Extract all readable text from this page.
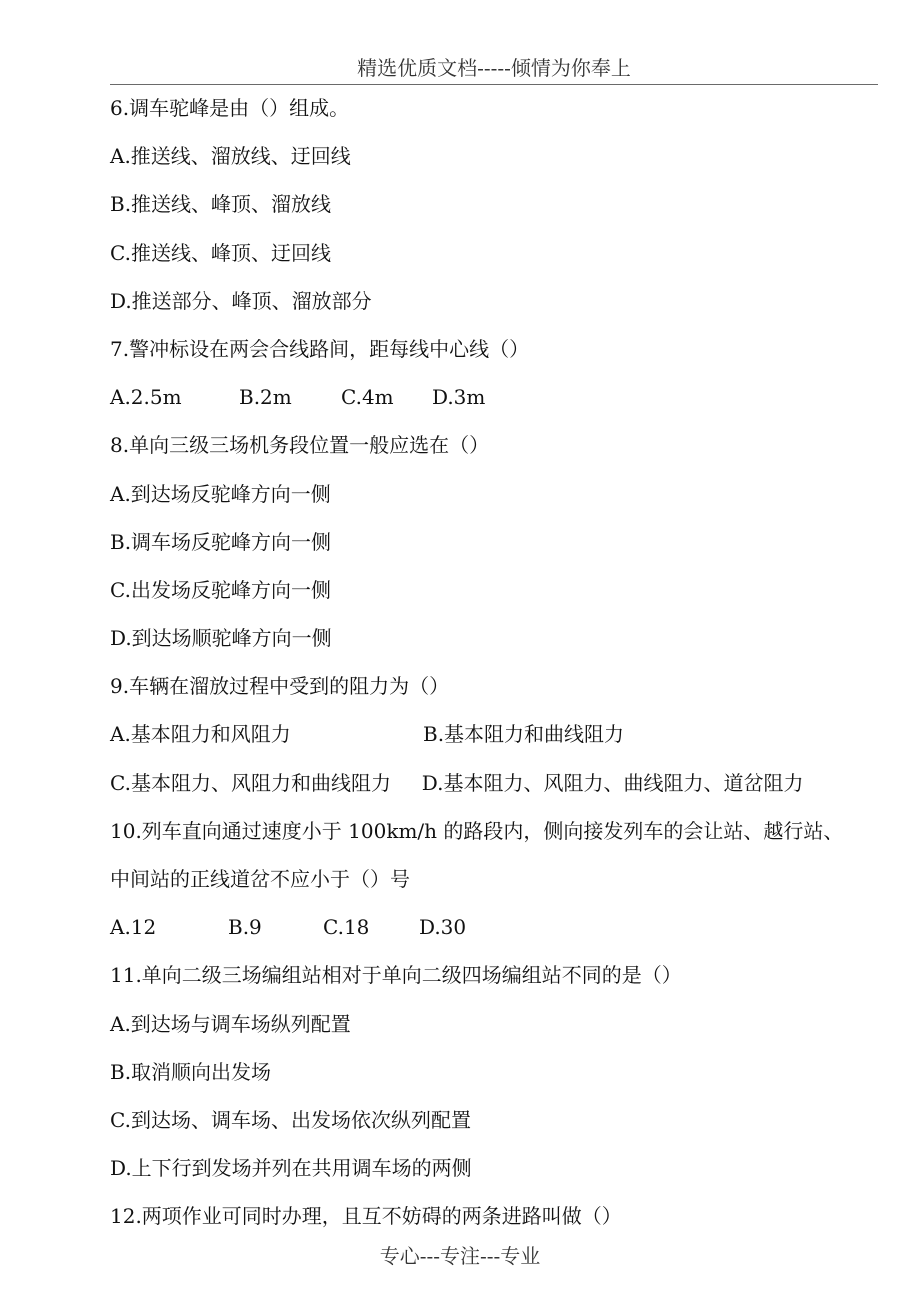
精选优质文档-----倾情为你奉上
6.调车驼峰是由（）组成。
A.推送线、溜放线、迂回线
B.推送线、峰顶、溜放线
C.推送线、峰顶、迂回线
D.推送部分、峰顶、溜放部分
7.警冲标设在两会合线路间，距每线中心线（）
A.2.5m	B.2m	C.4m	D.3m
8.单向三级三场机务段位置一般应选在（）
A.到达场反驼峰方向一侧
B.调车场反驼峰方向一侧
C.出发场反驼峰方向一侧
D.到达场顺驼峰方向一侧
9.车辆在溜放过程中受到的阻力为（）
A.基本阻力和风阻力	B.基本阻力和曲线阻力
C.基本阻力、风阻力和曲线阻力	D.基本阻力、风阻力、曲线阻力、道岔阻力
10.列车直向通过速度小于 100km/h 的路段内，侧向接发列车的会让站、越行站、
中间站的正线道岔不应小于（）号
A.12	B.9	C.18	D.30
11.单向二级三场编组站相对于单向二级四场编组站不同的是（）
A.到达场与调车场纵列配置
B.取消顺向出发场
C.到达场、调车场、出发场依次纵列配置
D.上下行到发场并列在共用调车场的两侧
12.两项作业可同时办理，且互不妨碍的两条进路叫做（）
专心---专注---专业
